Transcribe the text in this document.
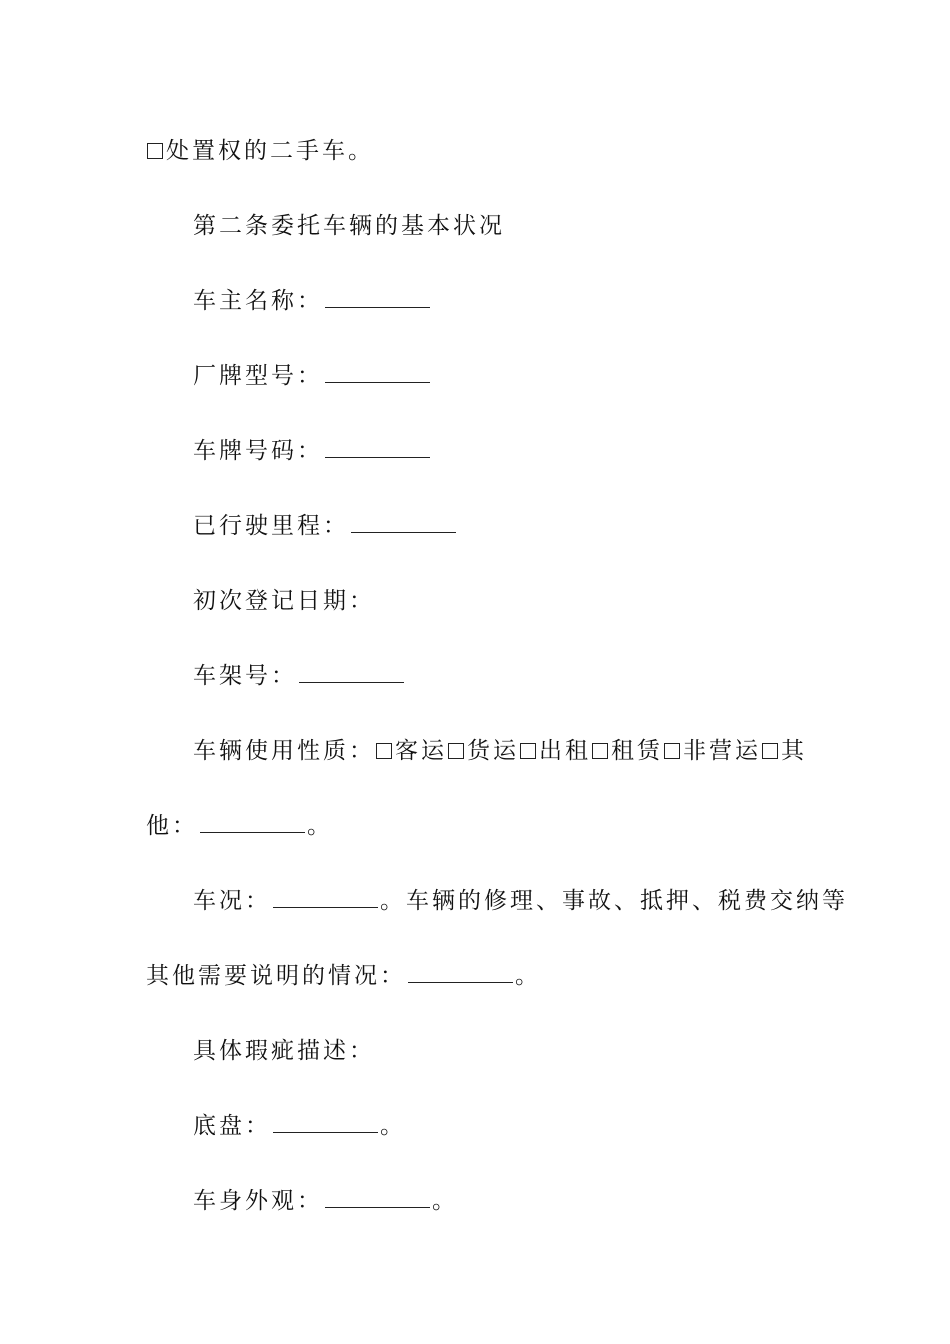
处置权的二手车。
第二条委托车辆的基本状况
车主名称：
厂牌型号：
车牌号码：
已行驶里程：
初次登记日期：
车架号：
车辆使用性质： 客运 货运 出租 租赁 非营运 其
他：	。
车况：	。车辆的修理、事故、抵押、税费交纳等
其他需要说明的情况：	。
具体瑕疵描述：
底盘：	。
车身外观：	。
